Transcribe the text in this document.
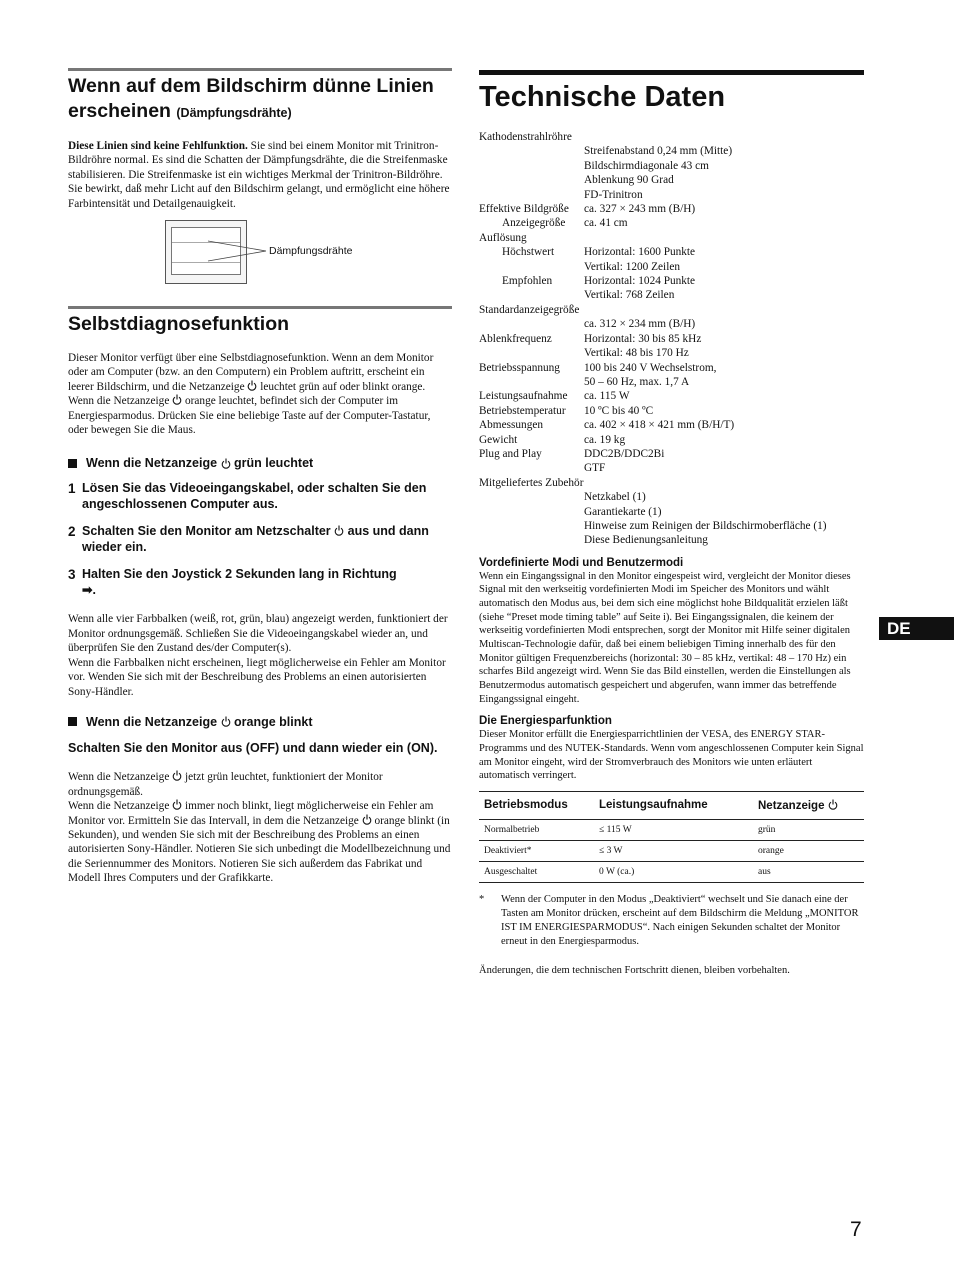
Wenn auf dem Bildschirm dünne Linien erscheinen (Dämpfungsdrähte)

Diese Linien sind keine Fehlfunktion. Sie sind bei einem Monitor mit Trinitron-Bildröhre normal. Es sind die Schatten der Dämpfungsdrähte, die die Streifenmaske stabilisieren. Die Streifenmaske ist ein wichtiges Merkmal der Trinitron-Bildröhre. Sie bewirkt, daß mehr Licht auf den Bildschirm gelangt, und ermöglicht eine höhere Farbintensität und Detailgenauigkeit.

Dämpfungsdrähte
Selbstdiagnosefunktion

Dieser Monitor verfügt über eine Selbstdiagnosefunktion. Wenn an dem Monitor oder am Computer (bzw. an den Computern) ein Problem auftritt, erscheint ein leerer Bildschirm, und die Netzanzeige  leuchtet grün auf oder blinkt orange. Wenn die Netzanzeige  orange leuchtet, befindet sich der Computer im Energiesparmodus. Drücken Sie eine beliebige Taste auf der Computer-Tastatur, oder bewegen Sie die Maus.

Wenn die Netzanzeige

grün leuchtet
1 Lösen Sie das Videoeingangskabel, oder schalten Sie den angeschlossenen Computer aus.
2 Schalten Sie den Monitor am Netzschalter  aus und dann wieder ein.
3 Halten Sie den Joystick 2 Sekunden lang in Richtung
➡.

Wenn alle vier Farbbalken (weiß, rot, grün, blau) angezeigt werden, funktioniert der Monitor ordnungsgemäß. Schließen Sie die Videoeingangskabel wieder an, und überprüfen Sie den Zustand des/der Computer(s).

Wenn die Farbbalken nicht erscheinen, liegt möglicherweise ein Fehler am Monitor vor. Wenden Sie sich mit der Beschreibung des Problems an einen autorisierten Sony-Händler.

Wenn die Netzanzeige

orange blinkt
Schalten Sie den Monitor aus (OFF) und dann wieder ein (ON).

Wenn die Netzanzeige  jetzt grün leuchtet, funktioniert der Monitor ordnungsgemäß.

Wenn die Netzanzeige  immer noch blinkt, liegt möglicherweise ein Fehler am Monitor vor. Ermitteln Sie das Intervall, in dem die Netzanzeige  orange blinkt (in Sekunden), und wenden Sie sich mit der Beschreibung des Problems an einen autorisierten Sony-Händler. Notieren Sie sich unbedingt die Modellbezeichnung und die Seriennummer des Monitors. Notieren Sie sich außerdem das Fabrikat und Modell Ihres Computers und der Grafikkarte.

Technische Daten
Kathodenstrahlröhre
Streifenabstand 0,24 mm (Mitte)
Bildschirmdiagonale 43 cm
Ablenkung 90 Grad
FD-Trinitron
Effektive Bildgröße	ca. 327 × 243 mm (B/H)
Anzeigegröße	ca. 41 cm
Auflösung
Höchstwert	Horizontal: 1600 Punkte
Vertikal: 1200 Zeilen
Empfohlen	Horizontal: 1024 Punkte
Vertikal: 768 Zeilen
Standardanzeigegröße
ca. 312 × 234 mm (B/H)
Ablenkfrequenz	Horizontal: 30 bis 85 kHz
Vertikal: 48 bis 170 Hz
Betriebsspannung	100 bis 240 V Wechselstrom,
50 – 60 Hz, max. 1,7 A
Leistungsaufnahme	ca. 115 W
Betriebstemperatur	10 ºC bis 40 ºC
Abmessungen	ca. 402 × 418 × 421 mm (B/H/T)
Gewicht	ca. 19 kg
Plug and Play	DDC2B/DDC2Bi
GTF
Mitgeliefertes Zubehör
Netzkabel (1)
Garantiekarte (1)
Hinweise zum Reinigen der Bildschirmoberfläche (1)
Diese Bedienungsanleitung
Vordefinierte Modi und Benutzermodi

Wenn ein Eingangssignal in den Monitor eingespeist wird, vergleicht der Monitor dieses Signal mit den werkseitig vordefinierten Modi im Speicher des Monitors und wählt automatisch den Modus aus, bei dem sich eine möglichst hohe Bildqualität erzielen läßt (siehe “Preset mode timing table” auf Seite i). Bei Eingangssignalen, die keinem der werkseitig vordefinierten Modi entsprechen, sorgt der Monitor mit Hilfe seiner digitalen Multiscan-Technologie dafür, daß bei einem beliebigen Timing innerhalb des für den Monitor gültigen Frequenzbereichs (horizontal: 30 – 85 kHz, vertikal: 48 – 170 Hz) ein scharfes Bild angezeigt wird. Wenn Sie das Bild einstellen, werden die Einstellungen als Benutzermodus automatisch gespeichert und abgerufen, wann immer das betreffende Eingangssignal eingeht.

Die Energiesparfunktion

Dieser Monitor erfüllt die Energiesparrichtlinien der VESA, des ENERGY STAR-Programms und des NUTEK-Standards. Wenn vom angeschlossenen Computer kein Signal am Monitor eingeht, wird der Stromverbrauch des Monitors wie unten erläutert automatisch verringert.

Betriebsmodus	Leistungsaufnahme	Netzanzeige
Normalbetrieb	≤ 115 W	grün
Deaktiviert*	≤ 3 W	orange
Ausgeschaltet	0 W (ca.)	aus
*	Wenn der Computer in den Modus „Deaktiviert“ wechselt und Sie danach eine der Tasten am Monitor drücken, erscheint auf dem Bildschirm die Meldung „MONITOR IST IM ENERGIESPARMODUS“. Nach einigen Sekunden schaltet der Monitor erneut in den Energiesparmodus.

Änderungen, die dem technischen Fortschritt dienen, bleiben vorbehalten.

DE
7
